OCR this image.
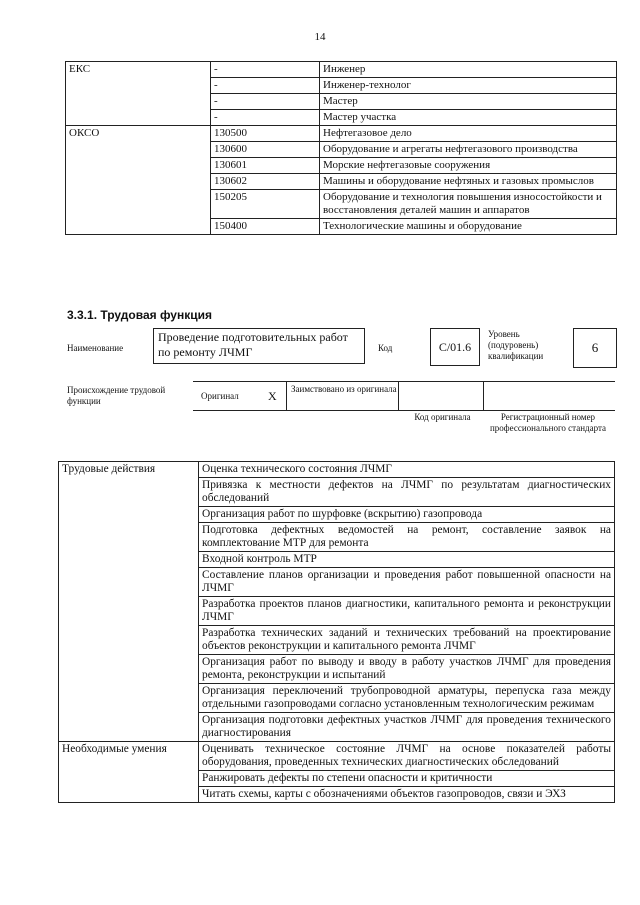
14
ЕКС	-	Инженер
	-	Инженер-технолог
	-	Мастер
	-	Мастер участка
ОКСО	130500	Нефтегазовое дело
	130600	Оборудование и агрегаты нефтегазового производства
	130601	Морские нефтегазовые сооружения
	130602	Машины и оборудование нефтяных и газовых промыслов
	150205	Оборудование и технология повышения износостойкости и восстановления деталей машин и аппаратов
	150400	Технологические машины и оборудование
3.3.1. Трудовая функция
Наименование
Проведение подготовительных работ по ремонту ЛЧМГ	Код	С/01.6
Уровень (подуровень) квалификации
6
Происхождение трудовой функции	Оригинал X Заимствовано из оригинала
Код оригинала	Регистрационный номер профессионального стандарта
Трудовые действия	Оценка технического состояния ЛЧМГ
	Привязка к местности дефектов на ЛЧМГ по результатам диагностических обследований
	Организация работ по шурфовке (вскрытию) газопровода
	Подготовка дефектных ведомостей на ремонт, составление заявок на комплектование МТР для ремонта
	Входной контроль МТР
	Составление планов организации и проведения работ повышенной опасности на ЛЧМГ
	Разработка проектов планов диагностики, капитального ремонта и реконструкции ЛЧМГ
	Разработка технических заданий и технических требований на проектирование объектов реконструкции и капитального ремонта ЛЧМГ
	Организация работ по выводу и вводу в работу участков ЛЧМГ для проведения ремонта, реконструкции и испытаний
	Организация переключений трубопроводной арматуры, перепуска газа между отдельными газопроводами согласно установленным технологическим режимам
	Организация подготовки дефектных участков ЛЧМГ для проведения технического диагностирования
Необходимые умения	Оценивать техническое состояние ЛЧМГ на основе показателей работы оборудования, проведенных технических диагностических обследований
	Ранжировать дефекты по степени опасности и критичности
	Читать схемы, карты с обозначениями объектов газопроводов, связи и ЭХЗ
